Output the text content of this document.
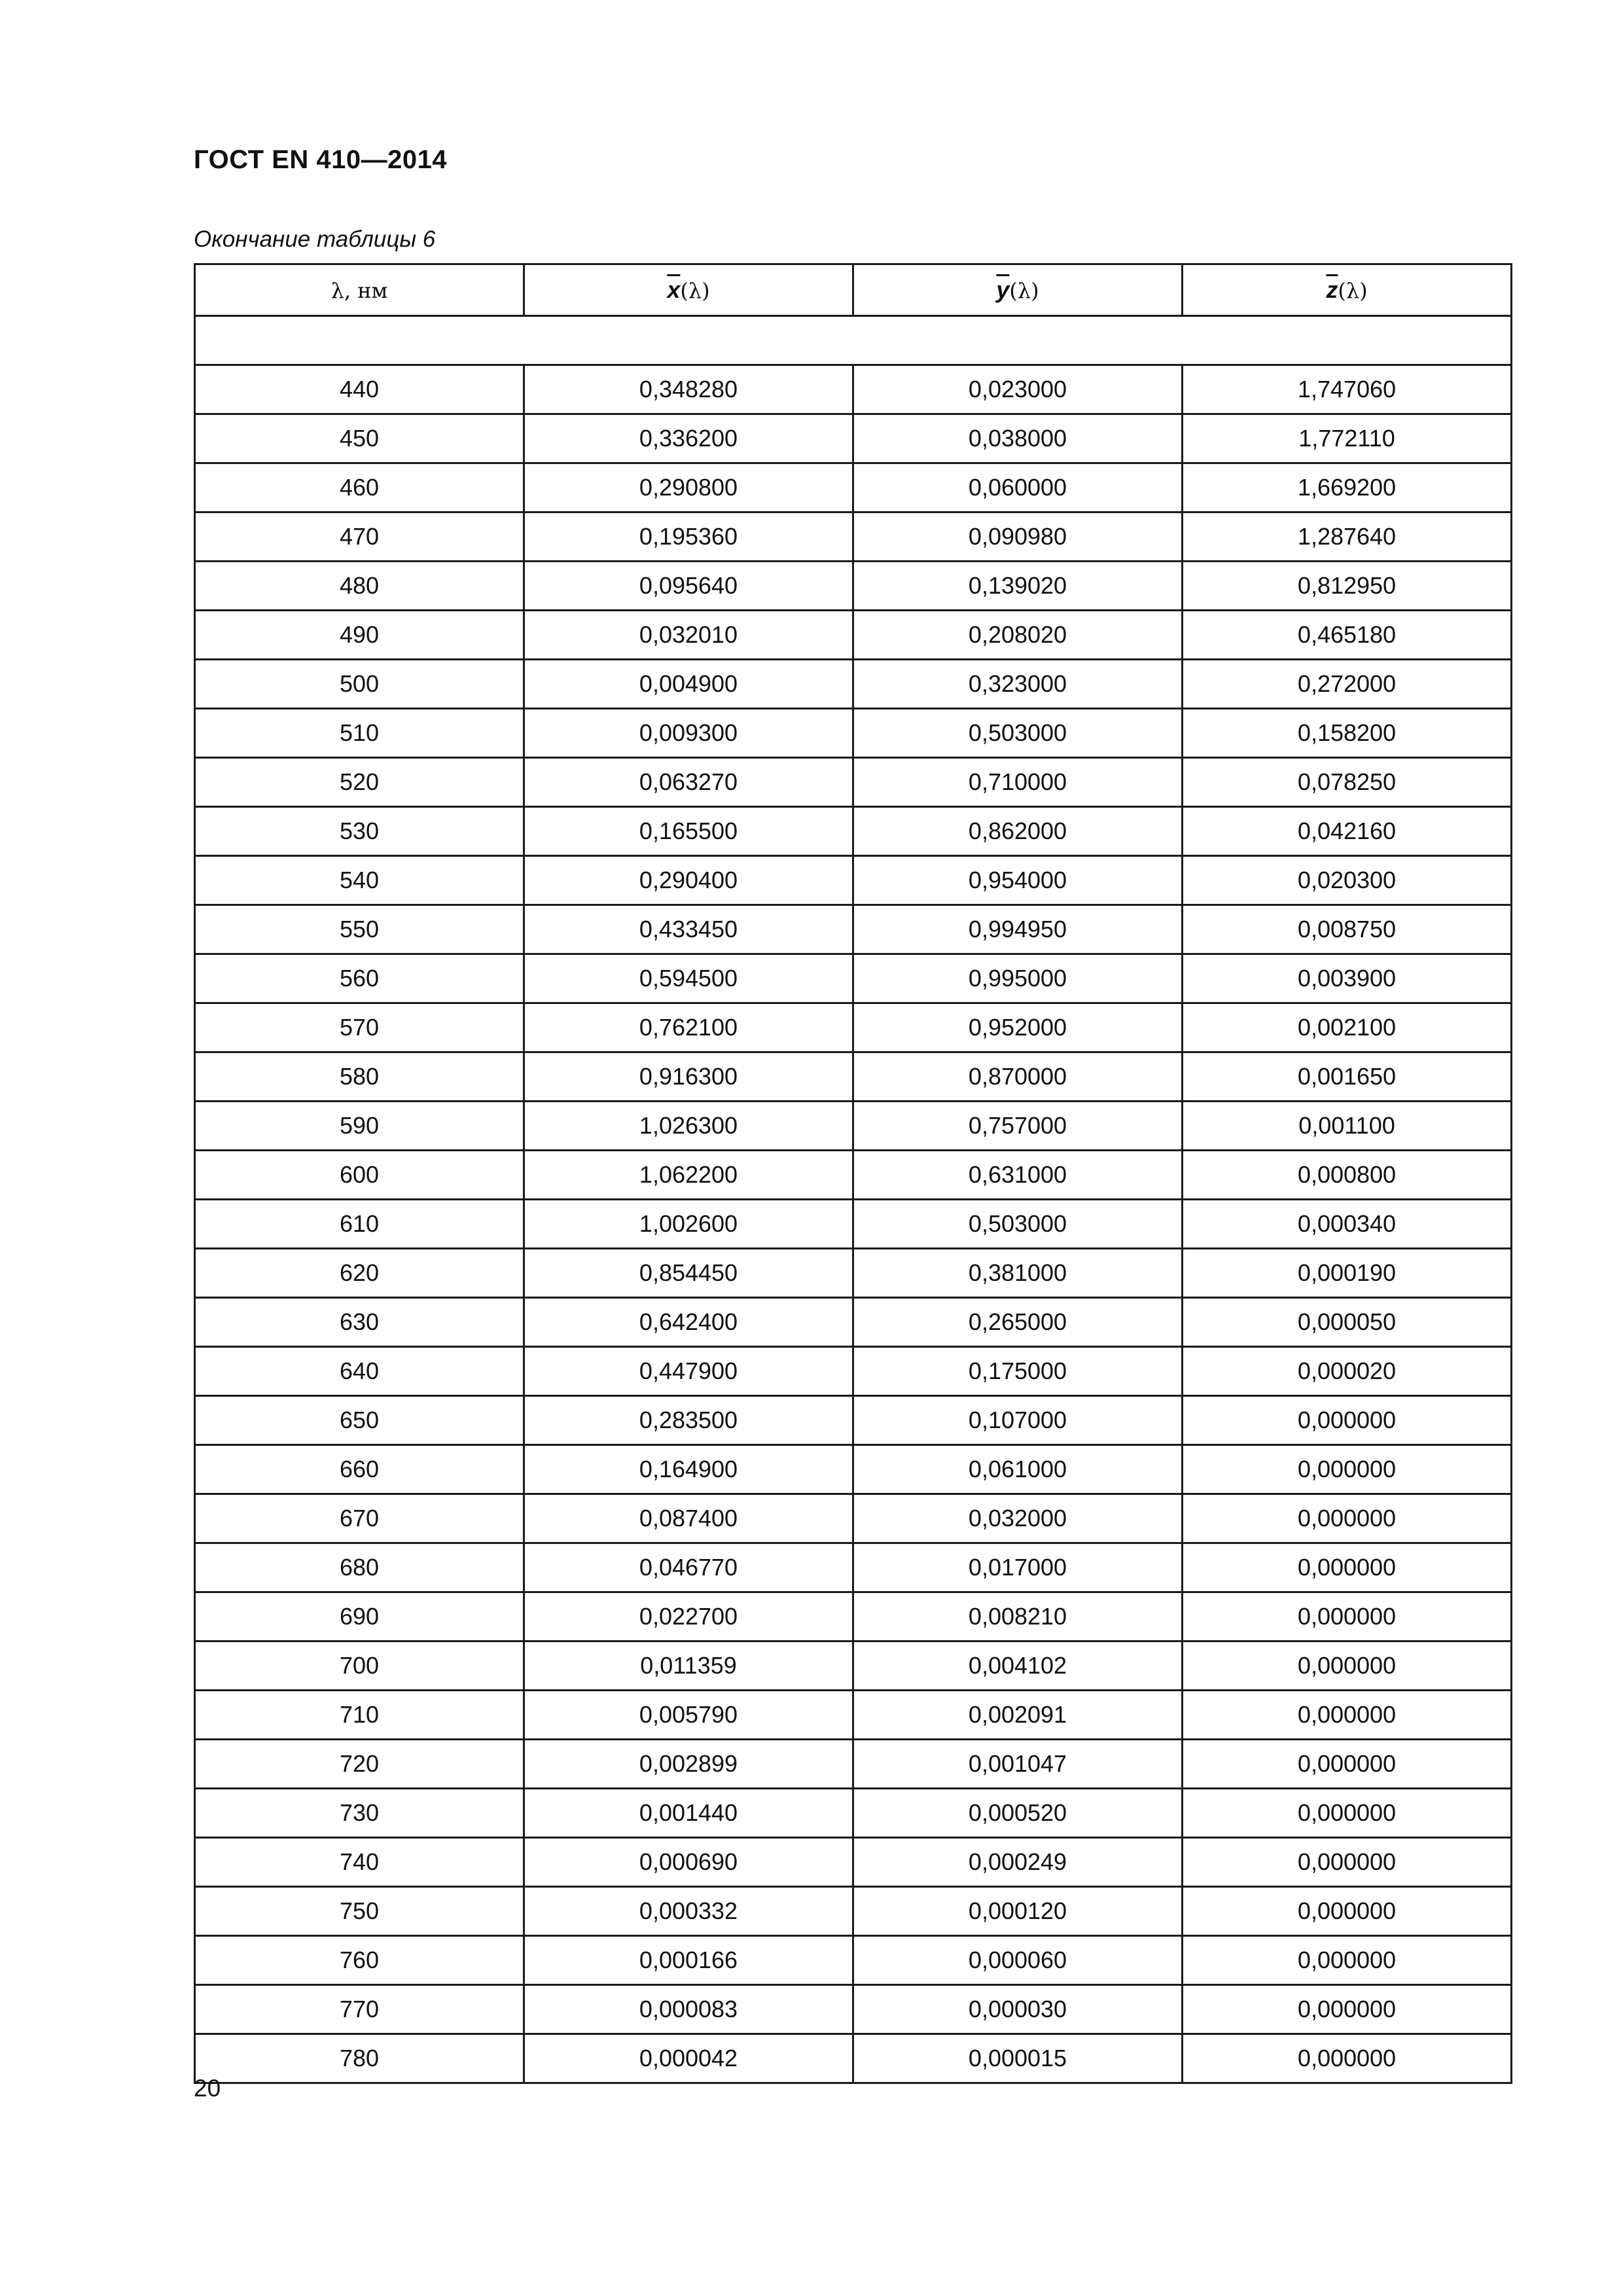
ГОСТ EN 410—2014
Окончание таблицы 6
λ, нм	$\overline{x}(\lambda)$	$\overline{y}(\lambda)$	$\overline{z}(\lambda)$

440	0,348280	0,023000	1,747060
450	0,336200	0,038000	1,772110
460	0,290800	0,060000	1,669200
470	0,195360	0,090980	1,287640
480	0,095640	0,139020	0,812950
490	0,032010	0,208020	0,465180
500	0,004900	0,323000	0,272000
510	0,009300	0,503000	0,158200
520	0,063270	0,710000	0,078250
530	0,165500	0,862000	0,042160
540	0,290400	0,954000	0,020300
550	0,433450	0,994950	0,008750
560	0,594500	0,995000	0,003900
570	0,762100	0,952000	0,002100
580	0,916300	0,870000	0,001650
590	1,026300	0,757000	0,001100
600	1,062200	0,631000	0,000800
610	1,002600	0,503000	0,000340
620	0,854450	0,381000	0,000190
630	0,642400	0,265000	0,000050
640	0,447900	0,175000	0,000020
650	0,283500	0,107000	0,000000
660	0,164900	0,061000	0,000000
670	0,087400	0,032000	0,000000
680	0,046770	0,017000	0,000000
690	0,022700	0,008210	0,000000
700	0,011359	0,004102	0,000000
710	0,005790	0,002091	0,000000
720	0,002899	0,001047	0,000000
730	0,001440	0,000520	0,000000
740	0,000690	0,000249	0,000000
750	0,000332	0,000120	0,000000
760	0,000166	0,000060	0,000000
770	0,000083	0,000030	0,000000
780	0,000042	0,000015	0,000000
20
